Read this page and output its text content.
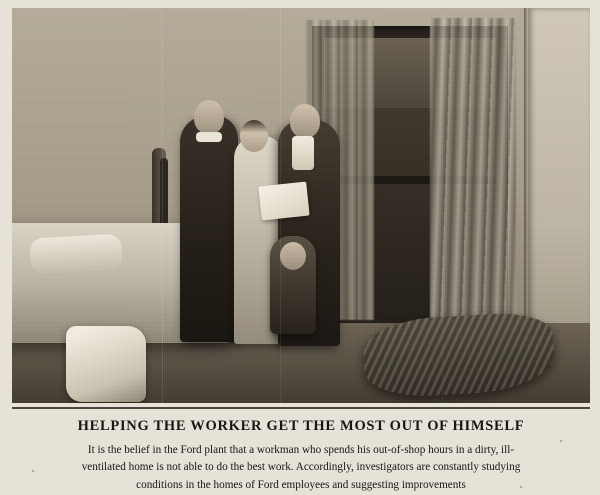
HELPING THE WORKER GET THE MOST OUT OF HIMSELF
It is the belief in the Ford plant that a workman who spends his out-of-shop hours in a dirty, ill-
ventilated home is not able to do the best work. Accordingly, investigators are constantly studying
conditions in the homes of Ford employees and suggesting improvements
